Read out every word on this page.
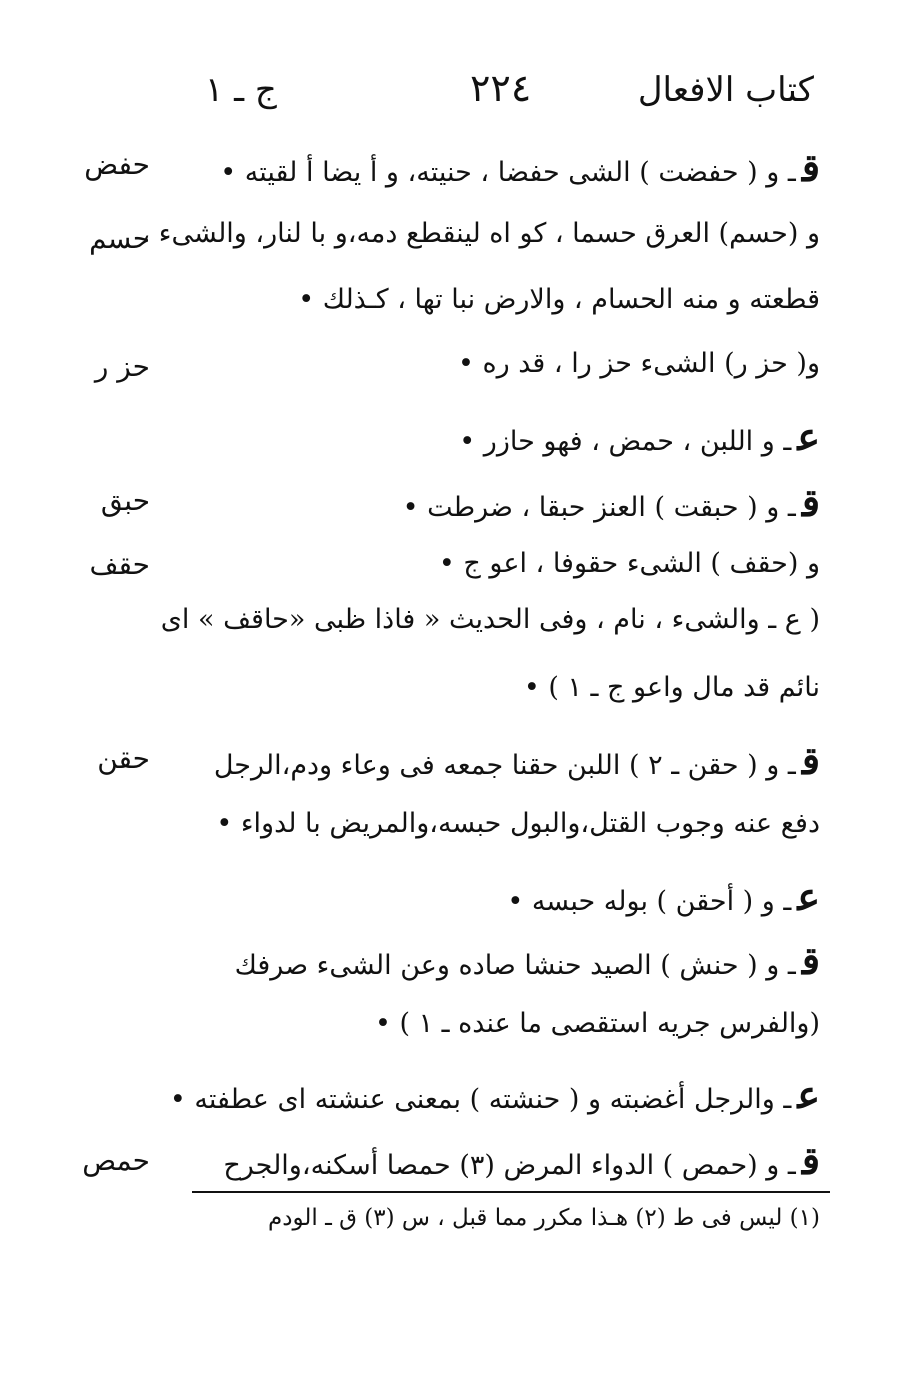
كتاب الافعال
٢٢٤
ج ـ ١
حفض
حسم
حز ر
حبق
حقف
حقن
حمص
قـ و ( حفضت ) الشى حفضا ، حنيته، و أ يضا أ لقيته •
و (حسم) العرق حسما ، كو اه لينقطع دمه،و با لنار، والشىء ،
قطعته و منه الحسام ، والارض نبا تها ، كـذلك •
و( حز ر) الشىء حز را ، قد ره •
عـ و اللبن ، حمض ، فهو حازر •
قـ و ( حبقت ) العنز حبقا ، ضرطت •
و (حقف ) الشىء حقوفا ، اعو ج •
( ع ـ والشىء ، نام ، وفى الحديث « فاذا ظبى «حاقف » اى
نائم قد مال واعو ج ـ ١ ) •
قـ و ( حقن ـ ٢ ) اللبن حقنا جمعه فى وعاء ودم،الرجل
دفع عنه وجوب القتل،والبول حبسه،والمريض با لدواء •
عـ و ( أحقن ) بوله حبسه •
قـ و ( حنش ) الصيد حنشا صاده وعن الشىء صرفك
(والفرس جريه استقصى ما عنده ـ ١ ) •
عـ والرجل أغضبته و ( حنشته ) بمعنى عنشته اى عطفته •
قـ و (حمص ) الدواء المرض (٣) حمصا أسكنه،والجرح
(١) ليس فى ط (٢) هـذا مكرر مما قبل ، س (٣) ق ـ الودم
